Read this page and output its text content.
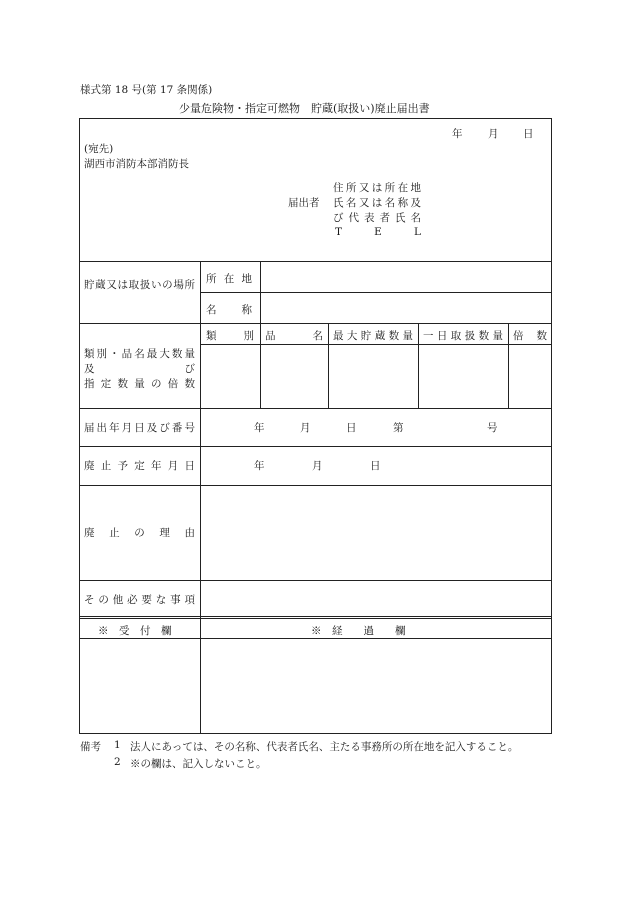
様式第 18 号(第 17 条関係)
少量危険物・指定可燃物　貯蔵(取扱い)廃止届出書
年 月 日
(宛先)
湖西市消防本部消防長
届出者
住所又は所在地
氏名又は名称及
び代表者氏名
T	E	L
貯蔵又は取扱いの場所 所在地
名称
類別・品名最大数量
及	び
指定数量の倍数
類別 品名 最大貯蔵数量 一日取扱数量 倍数
届出年月日及び番号	年	月	日	第	号
廃止予定年月日	年	月	日
廃止の理由
その他必要な事項
※　受　付　欄	※　経　　過　　欄
備考 1 法人にあっては、その名称、代表者氏名、主たる事務所の所在地を記入すること。
2 ※の欄は、記入しないこと。
